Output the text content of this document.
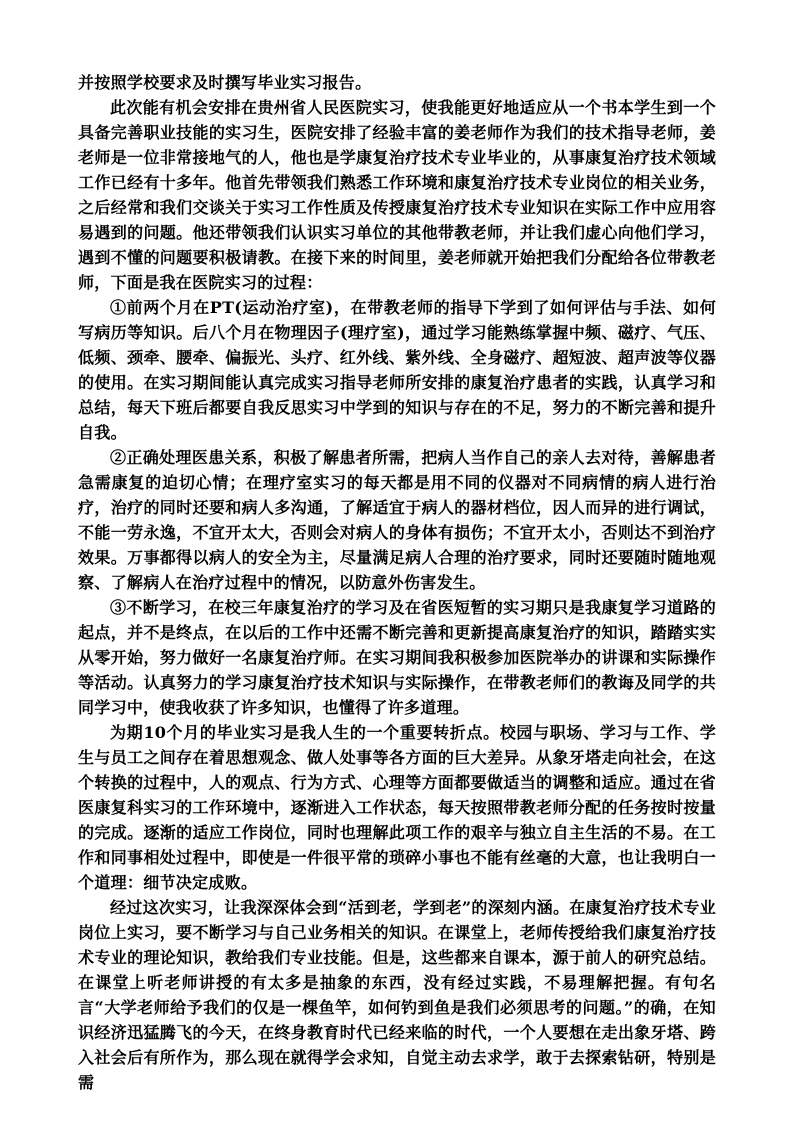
并按照学校要求及时撰写毕业实习报告。

此次能有机会安排在贵州省人民医院实习，使我能更好地适应从一个书本学生到一个具备完善职业技能的实习生，医院安排了经验丰富的姜老师作为我们的技术指导老师，姜老师是一位非常接地气的人，他也是学康复治疗技术专业毕业的，从事康复治疗技术领域工作已经有十多年。他首先带领我们熟悉工作环境和康复治疗技术专业岗位的相关业务，之后经常和我们交谈关于实习工作性质及传授康复治疗技术专业知识在实际工作中应用容易遇到的问题。他还带领我们认识实习单位的其他带教老师，并让我们虚心向他们学习，遇到不懂的问题要积极请教。在接下来的时间里，姜老师就开始把我们分配给各位带教老师，下面是我在医院实习的过程：

①前两个月在PT(运动治疗室)，在带教老师的指导下学到了如何评估与手法、如何写病历等知识。后八个月在物理因子(理疗室)，通过学习能熟练掌握中频、磁疗、气压、低频、颈牵、腰牵、偏振光、头疗、红外线、紫外线、全身磁疗、超短波、超声波等仪器的使用。在实习期间能认真完成实习指导老师所安排的康复治疗患者的实践，认真学习和总结，每天下班后都要自我反思实习中学到的知识与存在的不足，努力的不断完善和提升自我。

②正确处理医患关系，积极了解患者所需，把病人当作自己的亲人去对待，善解患者急需康复的迫切心情；在理疗室实习的每天都是用不同的仪器对不同病情的病人进行治疗，治疗的同时还要和病人多沟通，了解适宜于病人的器材档位，因人而异的进行调试，不能一劳永逸，不宜开太大，否则会对病人的身体有损伤；不宜开太小，否则达不到治疗效果。万事都得以病人的安全为主，尽量满足病人合理的治疗要求，同时还要随时随地观察、了解病人在治疗过程中的情况，以防意外伤害发生。

③不断学习，在校三年康复治疗的学习及在省医短暂的实习期只是我康复学习道路的起点，并不是终点，在以后的工作中还需不断完善和更新提高康复治疗的知识，踏踏实实从零开始，努力做好一名康复治疗师。在实习期间我积极参加医院举办的讲课和实际操作等活动。认真努力的学习康复治疗技术知识与实际操作，在带教老师们的教诲及同学的共同学习中，使我收获了许多知识，也懂得了许多道理。

为期10个月的毕业实习是我人生的一个重要转折点。校园与职场、学习与工作、学生与员工之间存在着思想观念、做人处事等各方面的巨大差异。从象牙塔走向社会，在这个转换的过程中，人的观点、行为方式、心理等方面都要做适当的调整和适应。通过在省医康复科实习的工作环境中，逐渐进入工作状态，每天按照带教老师分配的任务按时按量的完成。逐渐的适应工作岗位，同时也理解此项工作的艰辛与独立自主生活的不易。在工作和同事相处过程中，即使是一件很平常的琐碎小事也不能有丝毫的大意，也让我明白一个道理：细节决定成败。

经过这次实习，让我深深体会到“活到老，学到老”的深刻内涵。在康复治疗技术专业岗位上实习，要不断学习与自己业务相关的知识。在课堂上，老师传授给我们康复治疗技术专业的理论知识，教给我们专业技能。但是，这些都来自课本，源于前人的研究总结。在课堂上听老师讲授的有太多是抽象的东西，没有经过实践，不易理解把握。有句名言“大学老师给予我们的仅是一棵鱼竿，如何钓到鱼是我们必须思考的问题。”的确，在知识经济迅猛腾飞的今天，在终身教育时代已经来临的时代，一个人要想在走出象牙塔、跨入社会后有所作为，那么现在就得学会求知，自觉主动去求学，敢于去探索钻研，特别是需
